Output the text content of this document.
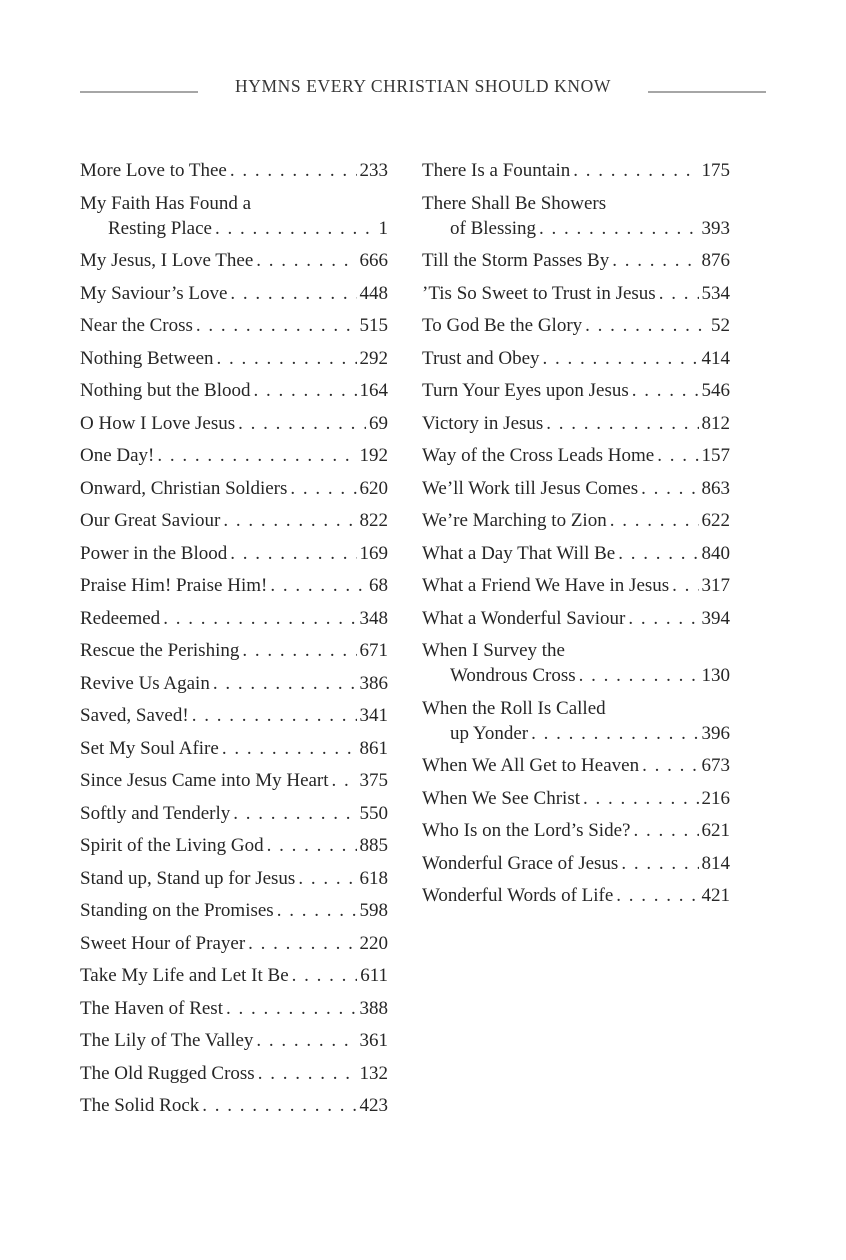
HYMNS EVERY CHRISTIAN SHOULD KNOW
More Love to Thee . . .	233
My Faith Has Found a
Resting Place . . .	1
My Jesus, I Love Thee . . .	666
My Saviour’s Love . . .	448
Near the Cross . . .	515
Nothing Between . . .	292
Nothing but the Blood . . .	164
O How I Love Jesus . . .	69
One Day! . . .	192
Onward, Christian Soldiers . . .	620
Our Great Saviour . . .	822
Power in the Blood . . .	169
Praise Him! Praise Him! . . .	68
Redeemed . . .	348
Rescue the Perishing . . .	671
Revive Us Again . . .	386
Saved, Saved! . . .	341
Set My Soul Afire . . .	861
Since Jesus Came into My Heart . . . 375
Softly and Tenderly . . .	550
Spirit of the Living God . . .	885
Stand up, Stand up for Jesus . . .	618
Standing on the Promises . . .	598
Sweet Hour of Prayer . . .	220
Take My Life and Let It Be . . .	611
The Haven of Rest . . .	388
The Lily of The Valley . . .	361
The Old Rugged Cross . . .	132
The Solid Rock . . .	423
There Is a Fountain . . .	175
There Shall Be Showers
of Blessing . . .	393
Till the Storm Passes By . . .	876
’Tis So Sweet to Trust in Jesus . . . 534
To God Be the Glory . . .	52
Trust and Obey . . .	414
Turn Your Eyes upon Jesus . . .	546
Victory in Jesus . . .	812
Way of the Cross Leads Home . . . 157
We’ll Work till Jesus Comes . . .	863
We’re Marching to Zion . . .	622
What a Day That Will Be . . .	840
What a Friend We Have in Jesus . . . 317
What a Wonderful Saviour . . .	394
When I Survey the
Wondrous Cross . . .	130
When the Roll Is Called
up Yonder . . .	396
When We All Get to Heaven . . .	673
When We See Christ . . .	216
Who Is on the Lord’s Side? . . .	621
Wonderful Grace of Jesus . . .	814
Wonderful Words of Life . . .	421
